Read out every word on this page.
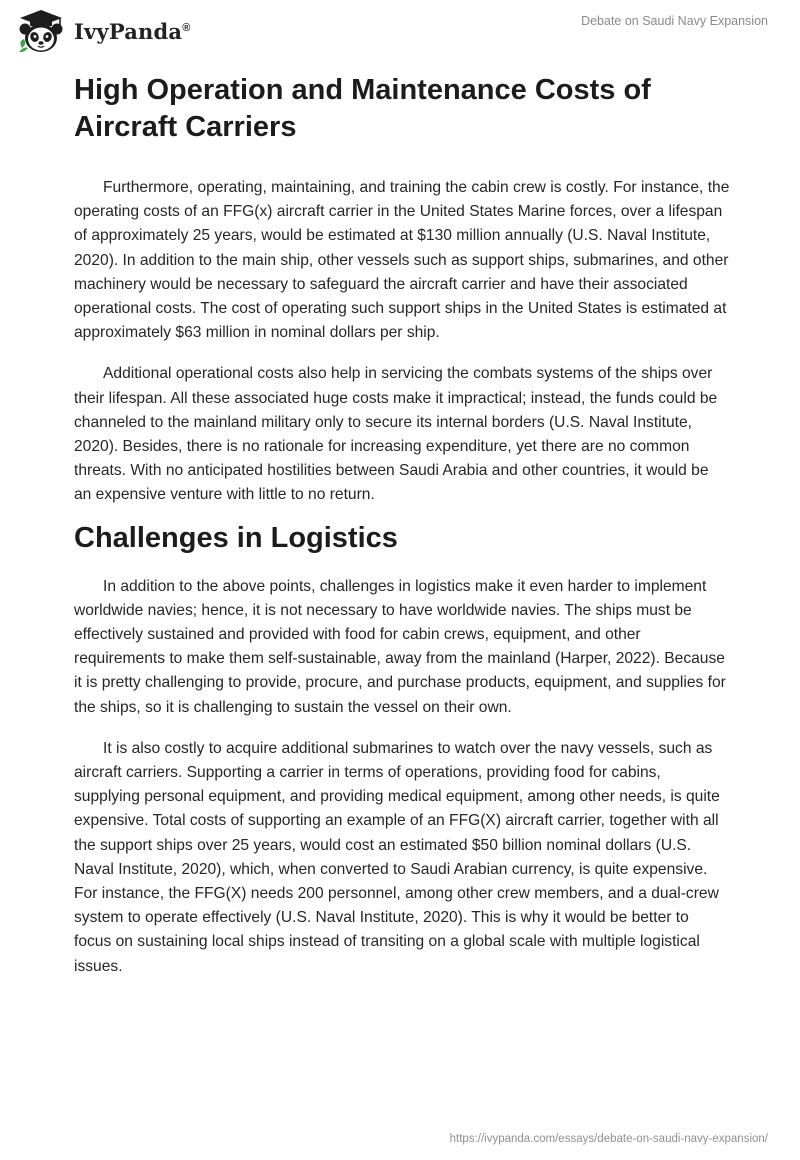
IvyPanda®	Debate on Saudi Navy Expansion
High Operation and Maintenance Costs of Aircraft Carriers

Furthermore, operating, maintaining, and training the cabin crew is costly. For instance, the operating costs of an FFG(x) aircraft carrier in the United States Marine forces, over a lifespan of approximately 25 years, would be estimated at $130 million annually (U.S. Naval Institute, 2020). In addition to the main ship, other vessels such as support ships, submarines, and other machinery would be necessary to safeguard the aircraft carrier and have their associated operational costs. The cost of operating such support ships in the United States is estimated at approximately $63 million in nominal dollars per ship.

Additional operational costs also help in servicing the combats systems of the ships over their lifespan. All these associated huge costs make it impractical; instead, the funds could be channeled to the mainland military only to secure its internal borders (U.S. Naval Institute, 2020). Besides, there is no rationale for increasing expenditure, yet there are no common threats. With no anticipated hostilities between Saudi Arabia and other countries, it would be an expensive venture with little to no return.

Challenges in Logistics

In addition to the above points, challenges in logistics make it even harder to implement worldwide navies; hence, it is not necessary to have worldwide navies. The ships must be effectively sustained and provided with food for cabin crews, equipment, and other requirements to make them self-sustainable, away from the mainland (Harper, 2022). Because it is pretty challenging to provide, procure, and purchase products, equipment, and supplies for the ships, so it is challenging to sustain the vessel on their own.

It is also costly to acquire additional submarines to watch over the navy vessels, such as aircraft carriers. Supporting a carrier in terms of operations, providing food for cabins, supplying personal equipment, and providing medical equipment, among other needs, is quite expensive. Total costs of supporting an example of an FFG(X) aircraft carrier, together with all the support ships over 25 years, would cost an estimated $50 billion nominal dollars (U.S. Naval Institute, 2020), which, when converted to Saudi Arabian currency, is quite expensive. For instance, the FFG(X) needs 200 personnel, among other crew members, and a dual-crew system to operate effectively (U.S. Naval Institute, 2020). This is why it would be better to focus on sustaining local ships instead of transiting on a global scale with multiple logistical issues.

https://ivypanda.com/essays/debate-on-saudi-navy-expansion/
